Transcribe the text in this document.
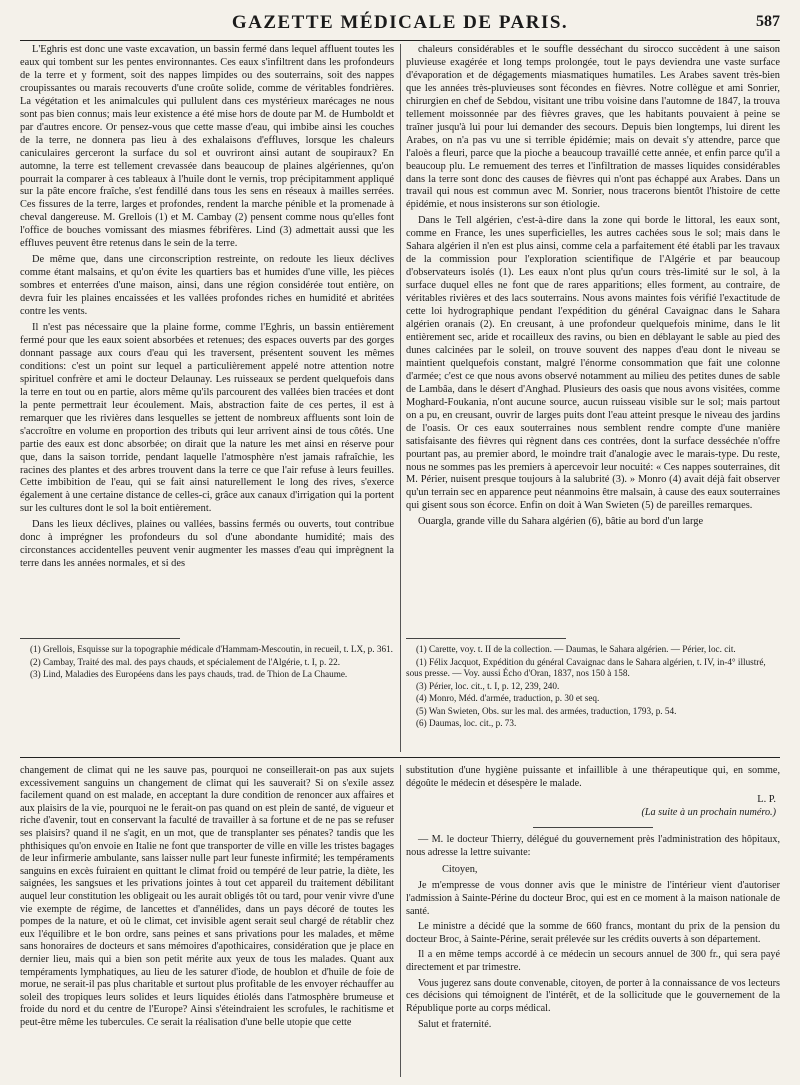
GAZETTE MÉDICALE DE PARIS.	587

L'Eghris est donc une vaste excavation, un bassin fermé dans lequel affluent toutes les eaux qui tombent sur les pentes environnantes. Ces eaux s'infiltrent dans les profondeurs de la terre et y forment, soit des nappes limpides ou des souterrains, soit des nappes croupissantes ou marais recouverts d'une croûte solide, comme de véritables fondrières. La végétation et les animalcules qui pullulent dans ces mystérieux marécages ne nous sont pas bien connus; mais leur existence a été mise hors de doute par M. de Humboldt et par d'autres encore. Or pensez-vous que cette masse d'eau, qui imbibe ainsi les couches de la terre, ne donnera pas lieu à des exhalaisons d'effluves, lorsque les chaleurs caniculaires gerceront la surface du sol et ouvriront ainsi autant de soupiraux? En automne, la terre est tellement crevassée dans beaucoup de plaines algériennes, qu'on pourrait la comparer à ces tableaux à l'huile dont le vernis, trop précipitamment appliqué sur la pâte encore fraîche, s'est fendillé dans tous les sens en réseaux à mailles serrées. Ces fissures de la terre, larges et profondes, rendent la marche pénible et la promenade à cheval dangereuse. M. Grellois (1) et M. Cambay (2) pensent comme nous qu'elles font l'office de bouches vomissant des miasmes fébrifères. Lind (3) admettait aussi que les effluves peuvent être retenus dans le sein de la terre.

De même que, dans une circonscription restreinte, on redoute les lieux déclives comme étant malsains, et qu'on évite les quartiers bas et humides d'une ville, les pièces sombres et enterrées d'une maison, ainsi, dans une région considérée tout entière, on devra fuir les plaines encaissées et les vallées profondes riches en humidité et abritées contre les vents.

Il n'est pas nécessaire que la plaine forme, comme l'Eghris, un bassin entièrement fermé pour que les eaux soient absorbées et retenues; des espaces ouverts par des gorges donnant passage aux cours d'eau qui les traversent, présentent souvent les mêmes conditions: c'est un point sur lequel a particulièrement appelé notre attention notre spirituel confrère et ami le docteur Delaunay. Les ruisseaux se perdent quelquefois dans la terre en tout ou en partie, alors même qu'ils parcourent des vallées bien tracées et dont la pente permettrait leur écoulement. Mais, abstraction faite de ces pertes, il est à remarquer que les rivières dans lesquelles se jettent de nombreux affluents sont loin de s'accroître en volume en proportion des tributs qui leur arrivent ainsi de tous côtés. Une partie des eaux est donc absorbée; on dirait que la nature les met ainsi en réserve pour que, dans la saison torride, pendant laquelle l'atmosphère n'est jamais rafraîchie, les racines des plantes et des arbres trouvent dans la terre ce que l'air refuse à leurs feuilles. Cette imbibition de l'eau, qui se fait ainsi naturellement le long des rives, s'exerce également à une certaine distance de celles-ci, grâce aux canaux d'irrigation qui la portent sur les cultures dont le sol la boit entièrement.

Dans les lieux déclives, plaines ou vallées, bassins fermés ou ouverts, tout contribue donc à imprégner les profondeurs du sol d'une abondante humidité; mais des circonstances accidentelles peuvent venir augmenter les masses d'eau qui imprègnent la terre dans les années normales, et si des

(1) Grellois, Esquisse sur la topographie médicale d'Hammam-Mescoutin, in recueil, t. LX, p. 361.

(2) Cambay, Traité des mal. des pays chauds, et spécialement de l'Algérie, t. I, p. 22.

(3) Lind, Maladies des Européens dans les pays chauds, trad. de Thion de La Chaume.

chaleurs considérables et le souffle desséchant du sirocco succèdent à une saison pluvieuse exagérée et long temps prolongée, tout le pays deviendra une vaste surface d'évaporation et de dégagements miasmatiques humatiles. Les Arabes savent très-bien que les années très-pluvieuses sont fécondes en fièvres. Notre collègue et ami Sonrier, chirurgien en chef de Sebdou, visitant une tribu voisine dans l'automne de 1847, la trouva tellement moissonnée par des fièvres graves, que les habitants pouvaient à peine se traîner jusqu'à lui pour lui demander des secours. Depuis bien longtemps, lui dirent les Arabes, on n'a pas vu une si terrible épidémie; mais on devait s'y attendre, parce que l'aloès a fleuri, parce que la pioche a beaucoup travaillé cette année, et enfin parce qu'il a beaucoup plu. Le remuement des terres et l'infiltration de masses liquides considérables dans la terre sont donc des causes de fièvres qui n'ont pas échappé aux Arabes. Dans un travail qui nous est commun avec M. Sonrier, nous tracerons bientôt l'histoire de cette épidémie, et nous insisterons sur son étiologie.

Dans le Tell algérien, c'est-à-dire dans la zone qui borde le littoral, les eaux sont, comme en France, les unes superficielles, les autres cachées sous le sol; mais dans le Sahara algérien il n'en est plus ainsi, comme cela a parfaitement été établi par les travaux de la commission pour l'exploration scientifique de l'Algérie et par beaucoup d'observateurs isolés (1). Les eaux n'ont plus qu'un cours très-limité sur le sol, à la surface duquel elles ne font que de rares apparitions; elles forment, au contraire, de véritables rivières et des lacs souterrains. Nous avons maintes fois vérifié l'exactitude de cette loi hydrographique pendant l'expédition du général Cavaignac dans le Sahara algérien oranais (2). En creusant, à une profondeur quelquefois minime, dans le lit entièrement sec, aride et rocailleux des ravins, ou bien en déblayant le sable au pied des dunes calcinées par le soleil, on trouve souvent des nappes d'eau dont le niveau se maintient quelquefois constant, malgré l'énorme consommation que fait une colonne d'armée; c'est ce que nous avons observé notamment au milieu des petites dunes de sable de Lambâa, dans le désert d'Anghad. Plusieurs des oasis que nous avons visitées, comme Moghard-Foukania, n'ont aucune source, aucun ruisseau visible sur le sol; mais partout on a pu, en creusant, ouvrir de larges puits dont l'eau atteint presque le niveau des jardins de l'oasis. Or ces eaux souterraines nous semblent rendre compte d'une manière satisfaisante des fièvres qui règnent dans ces contrées, dont la surface desséchée n'offre pourtant pas, au premier abord, le moindre trait d'analogie avec le marais-type. Du reste, nous ne sommes pas les premiers à apercevoir leur nocuité: « Ces nappes souterraines, dit M. Périer, nuisent presque toujours à la salubrité (3). » Monro (4) avait déjà fait observer qu'un terrain sec en apparence peut néanmoins être malsain, à cause des eaux souterraines qui gisent sous son écorce. Enfin on doit à Wan Swieten (5) de pareilles remarques.

Ouargla, grande ville du Sahara algérien (6), bâtie au bord d'un large

(1) Carette, voy. t. II de la collection. — Daumas, le Sahara algérien. — Périer, loc. cit.

(1) Félix Jacquot, Expédition du général Cavaignac dans le Sahara algérien, t. IV, in-4° illustré, sous presse. — Voy. aussi Écho d'Oran, 1837, nos 150 à 158.

(3) Périer, loc. cit., t. I, p. 12, 239, 240.

(4) Monro, Méd. d'armée, traduction, p. 30 et seq.

(5) Wan Swieten, Obs. sur les mal. des armées, traduction, 1793, p. 54.

(6) Daumas, loc. cit., p. 73.

changement de climat qui ne les sauve pas, pourquoi ne conseillerait-on pas aux sujets excessivement sanguins un changement de climat qui les sauverait? Si on s'exile assez facilement quand on est malade, en acceptant la dure condition de renoncer aux affaires et aux plaisirs de la vie, pourquoi ne le ferait-on pas quand on est plein de santé, de vigueur et riche d'avenir, tout en conservant la faculté de travailler à sa fortune et de ne pas se refuser ses plaisirs? quand il ne s'agit, en un mot, que de transplanter ses pénates? tandis que les phthisiques qu'on envoie en Italie ne font que transporter de ville en ville les tristes bagages de leur infirmerie ambulante, sans laisser nulle part leur funeste infirmité; les tempéraments sanguins en excès fuiraient en quittant le climat froid ou tempéré de leur patrie, la diète, les saignées, les sangsues et les privations jointes à tout cet appareil du traitement débilitant auquel leur constitution les obligeait ou les aurait obligés tôt ou tard, pour venir vivre d'une vie exempte de régime, de lancettes et d'annélides, dans un pays décoré de toutes les pompes de la nature, et où le climat, cet invisible agent serait seul chargé de rétablir chez eux l'équilibre et le bon ordre, sans peines et sans privations pour les malades, et même sans honoraires de docteurs et sans mémoires d'apothicaires, considération que je place en dernier lieu, mais qui a bien son petit mérite aux yeux de tous les malades. Quant aux tempéraments lymphatiques, au lieu de les saturer d'iode, de houblon et d'huile de foie de morue, ne serait-il pas plus charitable et surtout plus profitable de les envoyer réchauffer au soleil des tropiques leurs solides et leurs liquides étiolés dans l'atmosphère brumeuse et froide du nord et du centre de l'Europe? Ainsi s'éteindraient les scrofules, le rachitisme et peut-être même les tubercules. Ce serait la réalisation d'une belle utopie que cette

substitution d'une hygiène puissante et infaillible à une thérapeutique qui, en somme, dégoûte le médecin et désespère le malade.

L. P.
(La suite à un prochain numéro.)

— M. le docteur Thierry, délégué du gouvernement près l'administration des hôpitaux, nous adresse la lettre suivante:

Citoyen,

Je m'empresse de vous donner avis que le ministre de l'intérieur vient d'autoriser l'admission à Sainte-Périne du docteur Broc, qui est en ce moment à la maison nationale de santé.

Le ministre a décidé que la somme de 660 francs, montant du prix de la pension du docteur Broc, à Sainte-Périne, serait prélevée sur les crédits ouverts à son département.

Il a en même temps accordé à ce médecin un secours annuel de 300 fr., qui sera payé directement et par trimestre.

Vous jugerez sans doute convenable, citoyen, de porter à la connaissance de vos lecteurs ces décisions qui témoignent de l'intérêt, et de la sollicitude que le gouvernement de la République porte au corps médical.

Salut et fraternité.
